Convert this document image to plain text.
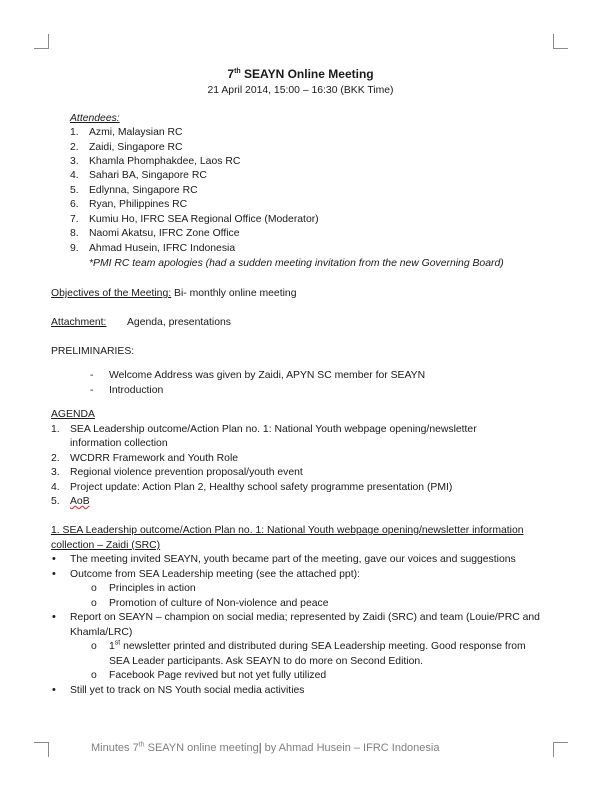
7th SEAYN Online Meeting
21 April 2014, 15:00 – 16:30 (BKK Time)
Attendees:
1. Azmi, Malaysian RC
2. Zaidi, Singapore RC
3. Khamla Phomphakdee, Laos RC
4. Sahari BA, Singapore RC
5. Edlynna, Singapore RC
6. Ryan, Philippines RC
7. Kumiu Ho, IFRC SEA Regional Office (Moderator)
8. Naomi Akatsu, IFRC Zone Office
9. Ahmad Husein, IFRC Indonesia
*PMI RC team apologies (had a sudden meeting invitation from the new Governing Board)
Objectives of the Meeting: Bi- monthly online meeting
Attachment: Agenda, presentations
PRELIMINARIES:
- Welcome Address was given by Zaidi, APYN SC member for SEAYN
- Introduction
AGENDA
1. SEA Leadership outcome/Action Plan no. 1: National Youth webpage opening/newsletter
information collection
2. WCDRR Framework and Youth Role
3. Regional violence prevention proposal/youth event
4. Project update: Action Plan 2, Healthy school safety programme presentation (PMI)
5. AoB
1. SEA Leadership outcome/Action Plan no. 1: National Youth webpage opening/newsletter information
collection – Zaidi (SRC)
• The meeting invited SEAYN, youth became part of the meeting, gave our voices and suggestions
• Outcome from SEA Leadership meeting (see the attached ppt):
o Principles in action
o Promotion of culture of Non-violence and peace
• Report on SEAYN – champion on social media; represented by Zaidi (SRC) and team (Louie/PRC and
Khamla/LRC)
o 1st newsletter printed and distributed during SEA Leadership meeting. Good response from
SEA Leader participants. Ask SEAYN to do more on Second Edition.
o Facebook Page revived but not yet fully utilized
• Still yet to track on NS Youth social media activities
Minutes 7th SEAYN online meeting| by Ahmad Husein – IFRC Indonesia
